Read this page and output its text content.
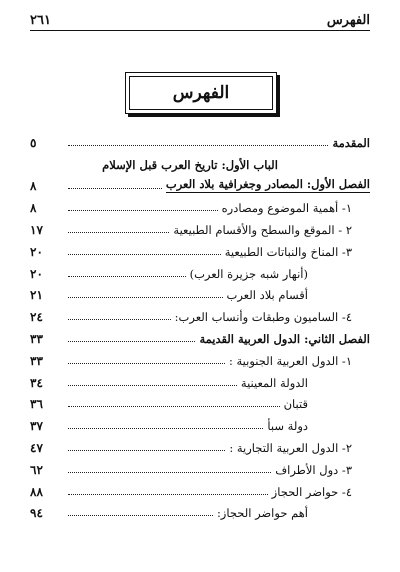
الفهرس
٢٦١
الفهرس
المقدمة
٥
الباب الأول: تاريخ العرب قبل الإسلام
الفصل الأول: المصادر وجغرافية بلاد العرب
٨
١- أهمية الموضوع ومصادره
٨
٢ - الموقع والسطح والأقسام الطبيعية
١٧
٣- المناخ والنباتات الطبيعية
٢٠
(أنهار شبه جزيرة العرب)
٢٠
أقسام بلاد العرب
٢١
٤- الساميون وطبقات وأنساب العرب:
٢٤
الفصل الثاني: الدول العربية القديمة
٣٣
١- الدول العربية الجنوبية :
٣٣
الدولة المعينية
٣٤
قتبان
٣٦
دولة سبأ
٣٧
٢- الدول العربية التجارية :
٤٧
٣- دول الأطراف
٦٢
٤- حواضر الحجاز
٨٨
أهم حواضر الحجاز:
٩٤
